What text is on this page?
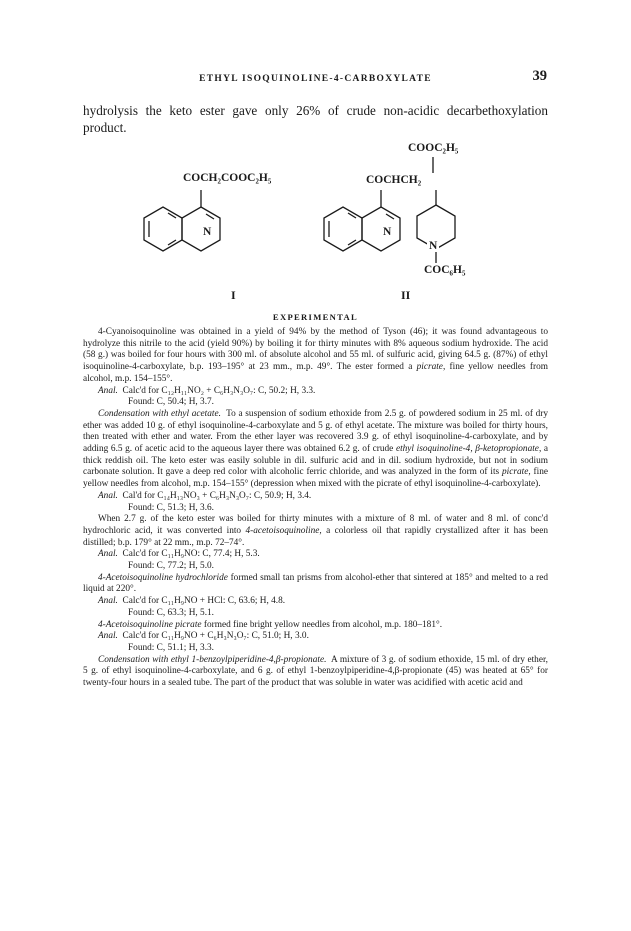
ETHYL ISOQUINOLINE-4-CARBOXYLATE	39
hydrolysis the keto ester gave only 26% of crude non-acidic decarbethoxylation product.
COCH₂COOC₂H₅
N
I
COOC₂H₅
COCHCH₂
N
N
COC₆H₅
II
EXPERIMENTAL

4-Cyanoisoquinoline was obtained in a yield of 94% by the method of Tyson (46); it was found advantageous to hydrolyze this nitrile to the acid (yield 90%) by boiling it for thirty minutes with 8% aqueous sodium hydroxide. The acid (58 g.) was boiled for four hours with 300 ml. of absolute alcohol and 55 ml. of sulfuric acid, giving 64.5 g. (87%) of ethyl isoquinoline-4-carboxylate, b.p. 193–195° at 23 mm., m.p. 49°. The ester formed a picrate, fine yellow needles from alcohol, m.p. 154–155°.

Anal. Calc'd for C₁₂H₁₁NO₂ + C₆H₃N₃O₇: C, 50.2; H, 3.3.

Found: C, 50.4; H, 3.7.

Condensation with ethyl acetate. To a suspension of sodium ethoxide from 2.5 g. of powdered sodium in 25 ml. of dry ether was added 10 g. of ethyl isoquinoline-4-carboxylate and 5 g. of ethyl acetate. The mixture was boiled for thirty hours, then treated with ether and water. From the ether layer was recovered 3.9 g. of ethyl isoquinoline-4-carboxylate, and by adding 6.5 g. of acetic acid to the aqueous layer there was obtained 6.2 g. of crude ethyl isoquinoline-4, β-ketopropionate, a thick reddish oil. The keto ester was easily soluble in dil. sulfuric acid and in dil. sodium hydroxide, but not in sodium carbonate solution. It gave a deep red color with alcoholic ferric chloride, and was analyzed in the form of its picrate, fine yellow needles from alcohol, m.p. 154–155° (depression when mixed with the picrate of ethyl isoquinoline-4-carboxylate).

Anal. Cal'd for C₁₄H₁₃NO₃ + C₆H₃N₃O₇: C, 50.9; H, 3.4.

Found: C, 51.3; H, 3.6.

When 2.7 g. of the keto ester was boiled for thirty minutes with a mixture of 8 ml. of water and 8 ml. of conc'd hydrochloric acid, it was converted into 4-acetoisoquinoline, a colorless oil that rapidly crystallized after it has been distilled; b.p. 179° at 22 mm., m.p. 72–74°.

Anal. Calc'd for C₁₁H₉NO: C, 77.4; H, 5.3.

Found: C, 77.2; H, 5.0.

4-Acetoisoquinoline hydrochloride formed small tan prisms from alcohol-ether that sintered at 185° and melted to a red liquid at 220°.

Anal. Calc'd for C₁₁H₉NO + HCl: C, 63.6; H, 4.8.

Found: C, 63.3; H, 5.1.

4-Acetoisoquinoline picrate formed fine bright yellow needles from alcohol, m.p. 180–181°.

Anal. Calc'd for C₁₁H₉NO + C₆H₃N₃O₇: C, 51.0; H, 3.0.

Found: C, 51.1; H, 3.3.

Condensation with ethyl 1-benzoylpiperidine-4,β-propionate. A mixture of 3 g. of sodium ethoxide, 15 ml. of dry ether, 5 g. of ethyl isoquinoline-4-carboxylate, and 6 g. of ethyl 1-benzoylpiperidine-4,β-propionate (45) was heated at 65° for twenty-four hours in a sealed tube. The part of the product that was soluble in water was acidified with acetic acid and
